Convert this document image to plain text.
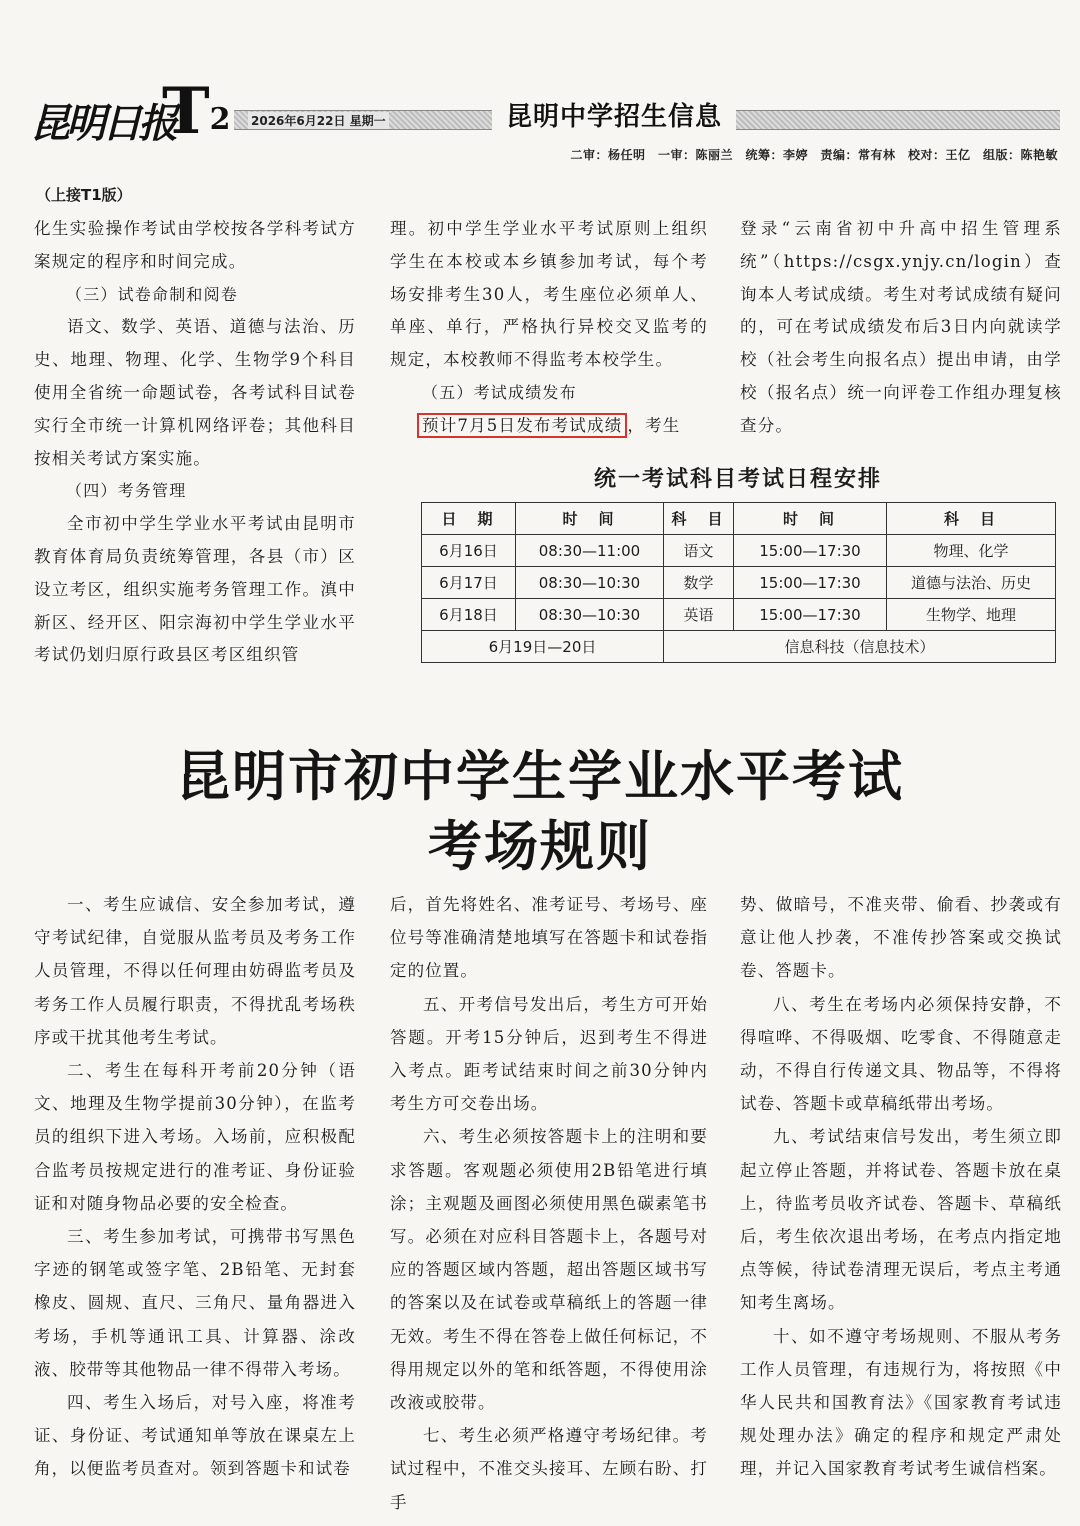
昆明日报
T2 2026年6月22日 星期一	昆明中学招生信息
二审：杨任明　一审：陈丽兰　统筹：李婷　责编：常有林　校对：王亿　组版：陈艳敏
（上接T1版）

化生实验操作考试由学校按各学科考试方案规定的程序和时间完成。

（三）试卷命制和阅卷

语文、数学、英语、道德与法治、历史、地理、物理、化学、生物学9个科目使用全省统一命题试卷，各考试科目试卷实行全市统一计算机网络评卷；其他科目按相关考试方案实施。

（四）考务管理

全市初中学生学业水平考试由昆明市教育体育局负责统筹管理，各县（市）区设立考区，组织实施考务管理工作。滇中新区、经开区、阳宗海初中学生学业水平考试仍划归原行政县区考区组织管

理。初中学生学业水平考试原则上组织学生在本校或本乡镇参加考试，每个考场安排考生30人，考生座位必须单人、单座、单行，严格执行异校交叉监考的规定，本校教师不得监考本校学生。

（五）考试成绩发布

预计7月5日发布考试成绩 ，考生

登录“云南省初中升高中招生管理系统”（https://csgx.ynjy.cn/login）查询本人考试成绩。考生对考试成绩有疑问的，可在考试成绩发布后3日内向就读学校（社会考生向报名点）提出申请，由学校（报名点）统一向评卷工作组办理复核查分。

统一考试科目考试日程安排
日　期	时　间	科　目	时　间	科　目
6月16日	08:30—11:00	语文	15:00—17:30	物理、化学
6月17日	08:30—10:30	数学	15:00—17:30	道德与法治、历史
6月18日	08:30—10:30	英语	15:00—17:30	生物学、地理
6月19日—20日		信息科技（信息技术）		
昆明市初中学生学业水平考试
考场规则

一、考生应诚信、安全参加考试，遵守考试纪律，自觉服从监考员及考务工作人员管理，不得以任何理由妨碍监考员及考务工作人员履行职责，不得扰乱考场秩序或干扰其他考生考试。

二、考生在每科开考前20分钟（语文、地理及生物学提前30分钟），在监考员的组织下进入考场。入场前，应积极配合监考员按规定进行的准考证、身份证验证和对随身物品必要的安全检查。

三、考生参加考试，可携带书写黑色字迹的钢笔或签字笔、2B铅笔、无封套橡皮、圆规、直尺、三角尺、量角器进入考场，手机等通讯工具、计算器、涂改液、胶带等其他物品一律不得带入考场。

四、考生入场后，对号入座，将准考证、身份证、考试通知单等放在课桌左上角，以便监考员查对。领到答题卡和试卷

后，首先将姓名、准考证号、考场号、座位号等准确清楚地填写在答题卡和试卷指定的位置。

五、开考信号发出后，考生方可开始答题。开考15分钟后，迟到考生不得进入考点。距考试结束时间之前30分钟内考生方可交卷出场。

六、考生必须按答题卡上的注明和要求答题。客观题必须使用2B铅笔进行填涂；主观题及画图必须使用黑色碳素笔书写。必须在对应科目答题卡上，各题号对应的答题区域内答题，超出答题区域书写的答案以及在试卷或草稿纸上的答题一律无效。考生不得在答卷上做任何标记，不得用规定以外的笔和纸答题，不得使用涂改液或胶带。

七、考生必须严格遵守考场纪律。考试过程中，不准交头接耳、左顾右盼、打手

势、做暗号，不准夹带、偷看、抄袭或有意让他人抄袭，不准传抄答案或交换试卷、答题卡。

八、考生在考场内必须保持安静，不得喧哗、不得吸烟、吃零食、不得随意走动，不得自行传递文具、物品等，不得将试卷、答题卡或草稿纸带出考场。

九、考试结束信号发出，考生须立即起立停止答题，并将试卷、答题卡放在桌上，待监考员收齐试卷、答题卡、草稿纸后，考生依次退出考场，在考点内指定地点等候，待试卷清理无误后，考点主考通知考生离场。

十、如不遵守考场规则、不服从考务工作人员管理，有违规行为，将按照《中华人民共和国教育法》《国家教育考试违规处理办法》确定的程序和规定严肃处理，并记入国家教育考试考生诚信档案。
